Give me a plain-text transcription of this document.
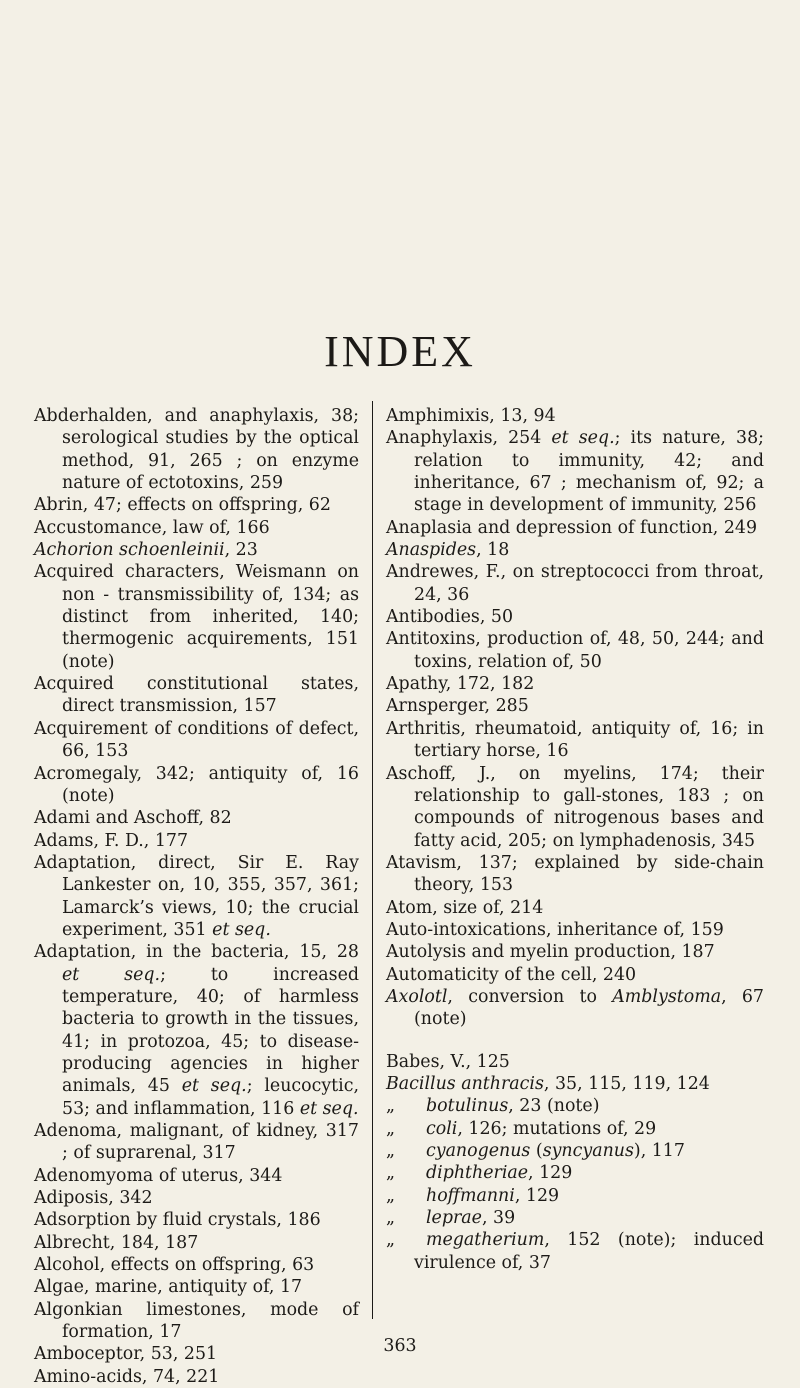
INDEX
Abderhalden, and anaphylaxis, 38; serological studies by the optical method, 91, 265 ; on enzyme nature of ectotoxins, 259
Abrin, 47; effects on offspring, 62
Accustomance, law of, 166
Achorion schoenleinii, 23
Acquired characters, Weismann on non - transmissibility of, 134; as distinct from inherited, 140; thermogenic acquirements, 151 (note)
Acquired constitutional states, direct transmission, 157
Acquirement of conditions of defect, 66, 153
Acromegaly, 342; antiquity of, 16 (note)
Adami and Aschoff, 82
Adams, F. D., 177
Adaptation, direct, Sir E. Ray Lankester on, 10, 355, 357, 361; Lamarck’s views, 10; the crucial experiment, 351 et seq.
Adaptation, in the bacteria, 15, 28 et seq.; to increased temperature, 40; of harmless bacteria to growth in the tissues, 41; in protozoa, 45; to disease-producing agencies in higher animals, 45 et seq.; leucocytic, 53; and inflammation, 116 et seq.
Adenoma, malignant, of kidney, 317 ; of suprarenal, 317
Adenomyoma of uterus, 344
Adiposis, 342
Adsorption by fluid crystals, 186
Albrecht, 184, 187
Alcohol, effects on offspring, 63
Algae, marine, antiquity of, 17
Algonkian limestones, mode of formation, 17
Amboceptor, 53, 251
Amino-acids, 74, 221
Amphimixis, 13, 94
Anaphylaxis, 254 et seq.; its nature, 38; relation to immunity, 42; and inheritance, 67 ; mechanism of, 92; a stage in development of immunity, 256
Anaplasia and depression of function, 249
Anaspides, 18
Andrewes, F., on streptococci from throat, 24, 36
Antibodies, 50
Antitoxins, production of, 48, 50, 244; and toxins, relation of, 50
Apathy, 172, 182
Arnsperger, 285
Arthritis, rheumatoid, antiquity of, 16; in tertiary horse, 16
Aschoff, J., on myelins, 174; their relationship to gall-stones, 183 ; on compounds of nitrogenous bases and fatty acid, 205; on lymphadenosis, 345
Atavism, 137; explained by side-chain theory, 153
Atom, size of, 214
Auto-intoxications, inheritance of, 159
Autolysis and myelin production, 187
Automaticity of the cell, 240
Axolotl, conversion to Amblystoma, 67 (note)
Babes, V., 125
Bacillus anthracis, 35, 115, 119, 124
„ botulinus, 23 (note)
„ coli, 126; mutations of, 29
„ cyanogenus (syncyanus), 117
„ diphtheriae, 129
„ hoffmanni, 129
„ leprae, 39
„ megatherium, 152 (note); induced virulence of, 37
363
